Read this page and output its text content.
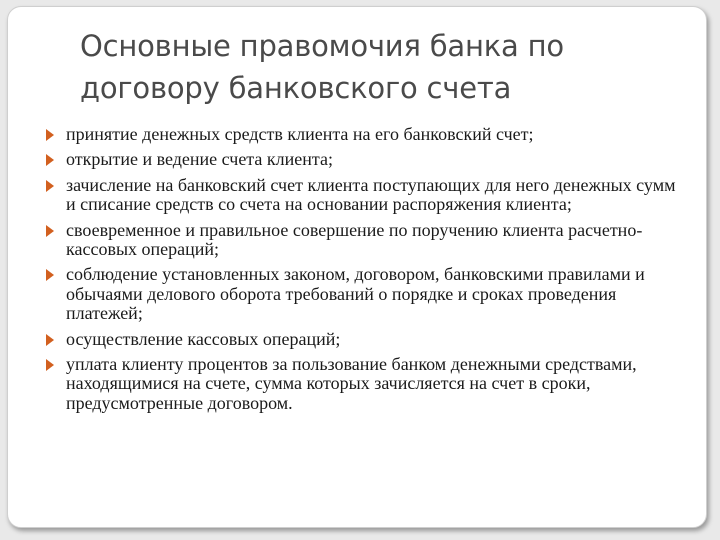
Основные правомочия банка по
договору банковского счета
принятие денежных средств клиента на его банковский счет;
открытие и ведение счета клиента;
зачисление на банковский счет клиента поступающих для него денежных сумм и списание средств со счета на основании распоряжения клиента;
своевременное и правильное совершение по поручению клиента расчетно-кассовых операций;
соблюдение установленных законом, договором, банковскими правилами и обычаями делового оборота требований о порядке и сроках проведения платежей;
осуществление кассовых операций;
уплата клиенту процентов за пользование банком денежными средствами, находящимися на счете, сумма которых зачисляется на счет в сроки, предусмотренные договором.
